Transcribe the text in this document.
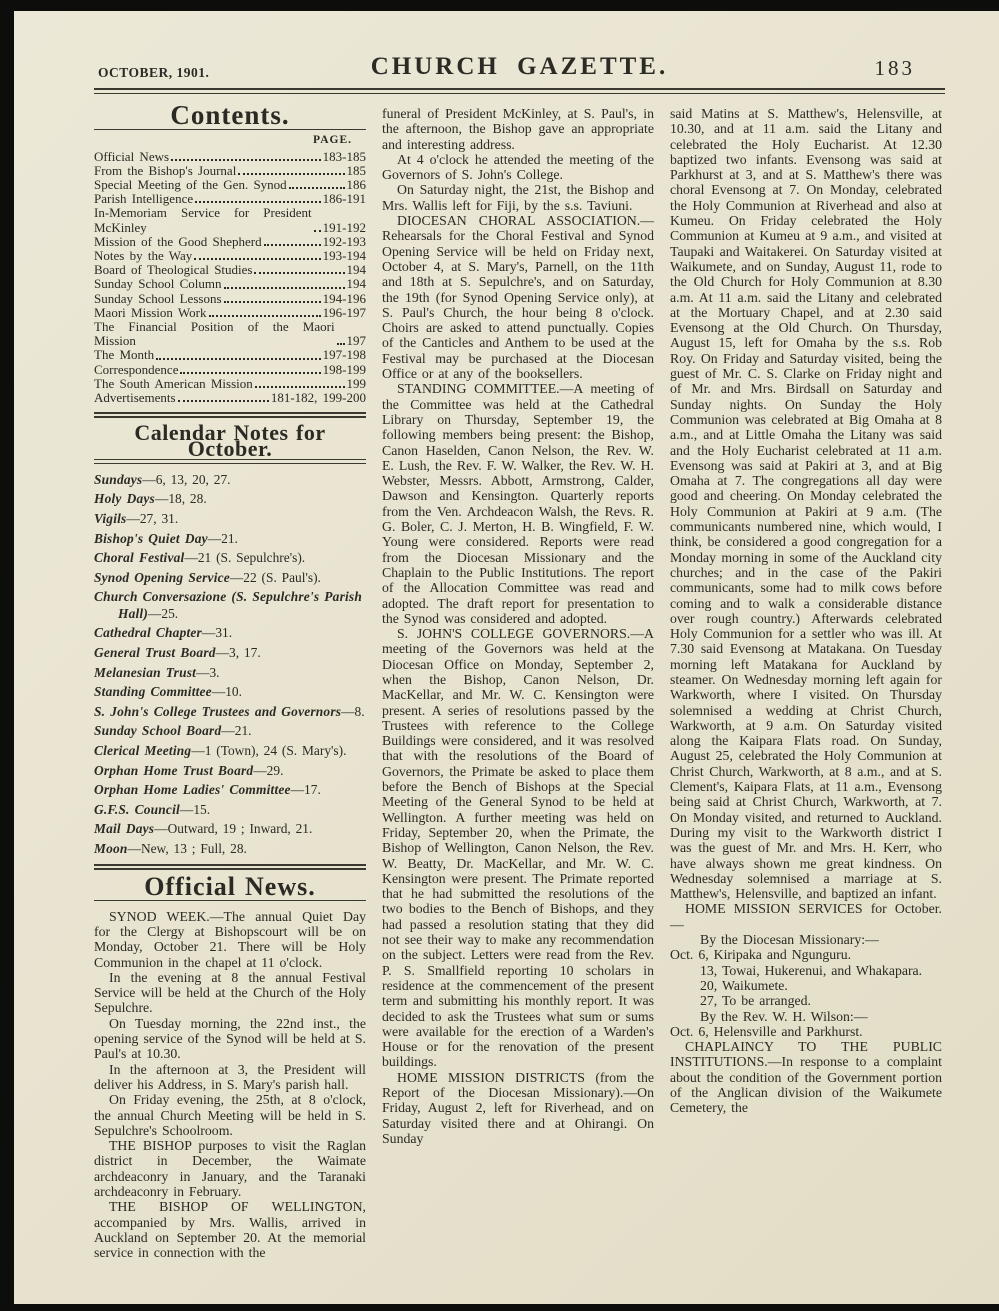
OCTOBER, 1901.	CHURCH GAZETTE.	183
Contents.
PAGE.
Official News	183-185
From the Bishop's Journal	185
Special Meeting of the Gen. Synod	186
Parish Intelligence	186-191
In-Memoriam Service for President McKinley	191-192
Mission of the Good Shepherd	192-193
Notes by the Way	193-194
Board of Theological Studies	194
Sunday School Column	194
Sunday School Lessons	194-196
Maori Mission Work	196-197
The Financial Position of the Maori Mission	197
The Month	197-198
Correspondence	198-199
The South American Mission	199
Advertisements	181-182, 199-200
Calendar Notes for October.
Sundays—6, 13, 20, 27.
Holy Days—18, 28.
Vigils—27, 31.
Bishop's Quiet Day—21.
Choral Festival—21 (S. Sepulchre's).
Synod Opening Service—22 (S. Paul's).
Church Conversazione (S. Sepulchre's Parish Hall)—25.
Cathedral Chapter—31.
General Trust Board—3, 17.
Melanesian Trust—3.
Standing Committee—10.
S. John's College Trustees and Governors—8.
Sunday School Board—21.
Clerical Meeting—1 (Town), 24 (S. Mary's).
Orphan Home Trust Board—29.
Orphan Home Ladies' Committee—17.
G.F.S. Council—15.
Mail Days—Outward, 19 ; Inward, 21.
Moon—New, 13 ; Full, 28.
Official News.

SYNOD WEEK.—The annual Quiet Day for the Clergy at Bishopscourt will be on Monday, October 21. There will be Holy Communion in the chapel at 11 o'clock.

In the evening at 8 the annual Festival Service will be held at the Church of the Holy Sepulchre.

On Tuesday morning, the 22nd inst., the opening service of the Synod will be held at S. Paul's at 10.30.

In the afternoon at 3, the President will deliver his Address, in S. Mary's parish hall.

On Friday evening, the 25th, at 8 o'clock, the annual Church Meeting will be held in S. Sepulchre's Schoolroom.

THE BISHOP purposes to visit the Raglan district in December, the Waimate archdeaconry in January, and the Taranaki archdeaconry in February.

THE BISHOP OF WELLINGTON, accompanied by Mrs. Wallis, arrived in Auckland on September 20. At the memorial service in connection with the

funeral of President McKinley, at S. Paul's, in the afternoon, the Bishop gave an appropriate and interesting address.

At 4 o'clock he attended the meeting of the Governors of S. John's College.

On Saturday night, the 21st, the Bishop and Mrs. Wallis left for Fiji, by the s.s. Taviuni.

DIOCESAN CHORAL ASSOCIATION.—Rehearsals for the Choral Festival and Synod Opening Service will be held on Friday next, October 4, at S. Mary's, Parnell, on the 11th and 18th at S. Sepulchre's, and on Saturday, the 19th (for Synod Opening Service only), at S. Paul's Church, the hour being 8 o'clock. Choirs are asked to attend punctually. Copies of the Canticles and Anthem to be used at the Festival may be purchased at the Diocesan Office or at any of the booksellers.

STANDING COMMITTEE.—A meeting of the Committee was held at the Cathedral Library on Thursday, September 19, the following members being present: the Bishop, Canon Haselden, Canon Nelson, the Rev. W. E. Lush, the Rev. F. W. Walker, the Rev. W. H. Webster, Messrs. Abbott, Armstrong, Calder, Dawson and Kensington. Quarterly reports from the Ven. Archdeacon Walsh, the Revs. R. G. Boler, C. J. Merton, H. B. Wingfield, F. W. Young were considered. Reports were read from the Diocesan Missionary and the Chaplain to the Public Institutions. The report of the Allocation Committee was read and adopted. The draft report for presentation to the Synod was considered and adopted.

S. JOHN'S COLLEGE GOVERNORS.—A meeting of the Governors was held at the Diocesan Office on Monday, September 2, when the Bishop, Canon Nelson, Dr. MacKellar, and Mr. W. C. Kensington were present. A series of resolutions passed by the Trustees with reference to the College Buildings were considered, and it was resolved that with the resolutions of the Board of Governors, the Primate be asked to place them before the Bench of Bishops at the Special Meeting of the General Synod to be held at Wellington. A further meeting was held on Friday, September 20, when the Primate, the Bishop of Wellington, Canon Nelson, the Rev. W. Beatty, Dr. MacKellar, and Mr. W. C. Kensington were present. The Primate reported that he had submitted the resolutions of the two bodies to the Bench of Bishops, and they had passed a resolution stating that they did not see their way to make any recommendation on the subject. Letters were read from the Rev. P. S. Smallfield reporting 10 scholars in residence at the commencement of the present term and submitting his monthly report. It was decided to ask the Trustees what sum or sums were available for the erection of a Warden's House or for the renovation of the present buildings.

HOME MISSION DISTRICTS (from the Report of the Diocesan Missionary).—On Friday, August 2, left for Riverhead, and on Saturday visited there and at Ohirangi. On Sunday

said Matins at S. Matthew's, Helensville, at 10.30, and at 11 a.m. said the Litany and celebrated the Holy Eucharist. At 12.30 baptized two infants. Evensong was said at Parkhurst at 3, and at S. Matthew's there was choral Evensong at 7. On Monday, celebrated the Holy Communion at Riverhead and also at Kumeu. On Friday celebrated the Holy Communion at Kumeu at 9 a.m., and visited at Taupaki and Waitakerei. On Saturday visited at Waikumete, and on Sunday, August 11, rode to the Old Church for Holy Communion at 8.30 a.m. At 11 a.m. said the Litany and celebrated at the Mortuary Chapel, and at 2.30 said Evensong at the Old Church. On Thursday, August 15, left for Omaha by the s.s. Rob Roy. On Friday and Saturday visited, being the guest of Mr. C. S. Clarke on Friday night and of Mr. and Mrs. Birdsall on Saturday and Sunday nights. On Sunday the Holy Communion was celebrated at Big Omaha at 8 a.m., and at Little Omaha the Litany was said and the Holy Eucharist celebrated at 11 a.m. Evensong was said at Pakiri at 3, and at Big Omaha at 7. The congregations all day were good and cheering. On Monday celebrated the Holy Communion at Pakiri at 9 a.m. (The communicants numbered nine, which would, I think, be considered a good congregation for a Monday morning in some of the Auckland city churches; and in the case of the Pakiri communicants, some had to milk cows before coming and to walk a considerable distance over rough country.) Afterwards celebrated Holy Communion for a settler who was ill. At 7.30 said Evensong at Matakana. On Tuesday morning left Matakana for Auckland by steamer. On Wednesday morning left again for Warkworth, where I visited. On Thursday solemnised a wedding at Christ Church, Warkworth, at 9 a.m. On Saturday visited along the Kaipara Flats road. On Sunday, August 25, celebrated the Holy Communion at Christ Church, Warkworth, at 8 a.m., and at S. Clement's, Kaipara Flats, at 11 a.m., Evensong being said at Christ Church, Warkworth, at 7. On Monday visited, and returned to Auckland. During my visit to the Warkworth district I was the guest of Mr. and Mrs. H. Kerr, who have always shown me great kindness. On Wednesday solemnised a marriage at S. Matthew's, Helensville, and baptized an infant.

HOME MISSION SERVICES for October.—

By the Diocesan Missionary:—

Oct. 6, Kiripaka and Ngunguru.

13, Towai, Hukerenui, and Whakapara.

20, Waikumete.

27, To be arranged.

By the Rev. W. H. Wilson:—

Oct. 6, Helensville and Parkhurst.

CHAPLAINCY TO THE PUBLIC INSTITUTIONS.—In response to a complaint about the condition of the Government portion of the Anglican division of the Waikumete Cemetery, the
